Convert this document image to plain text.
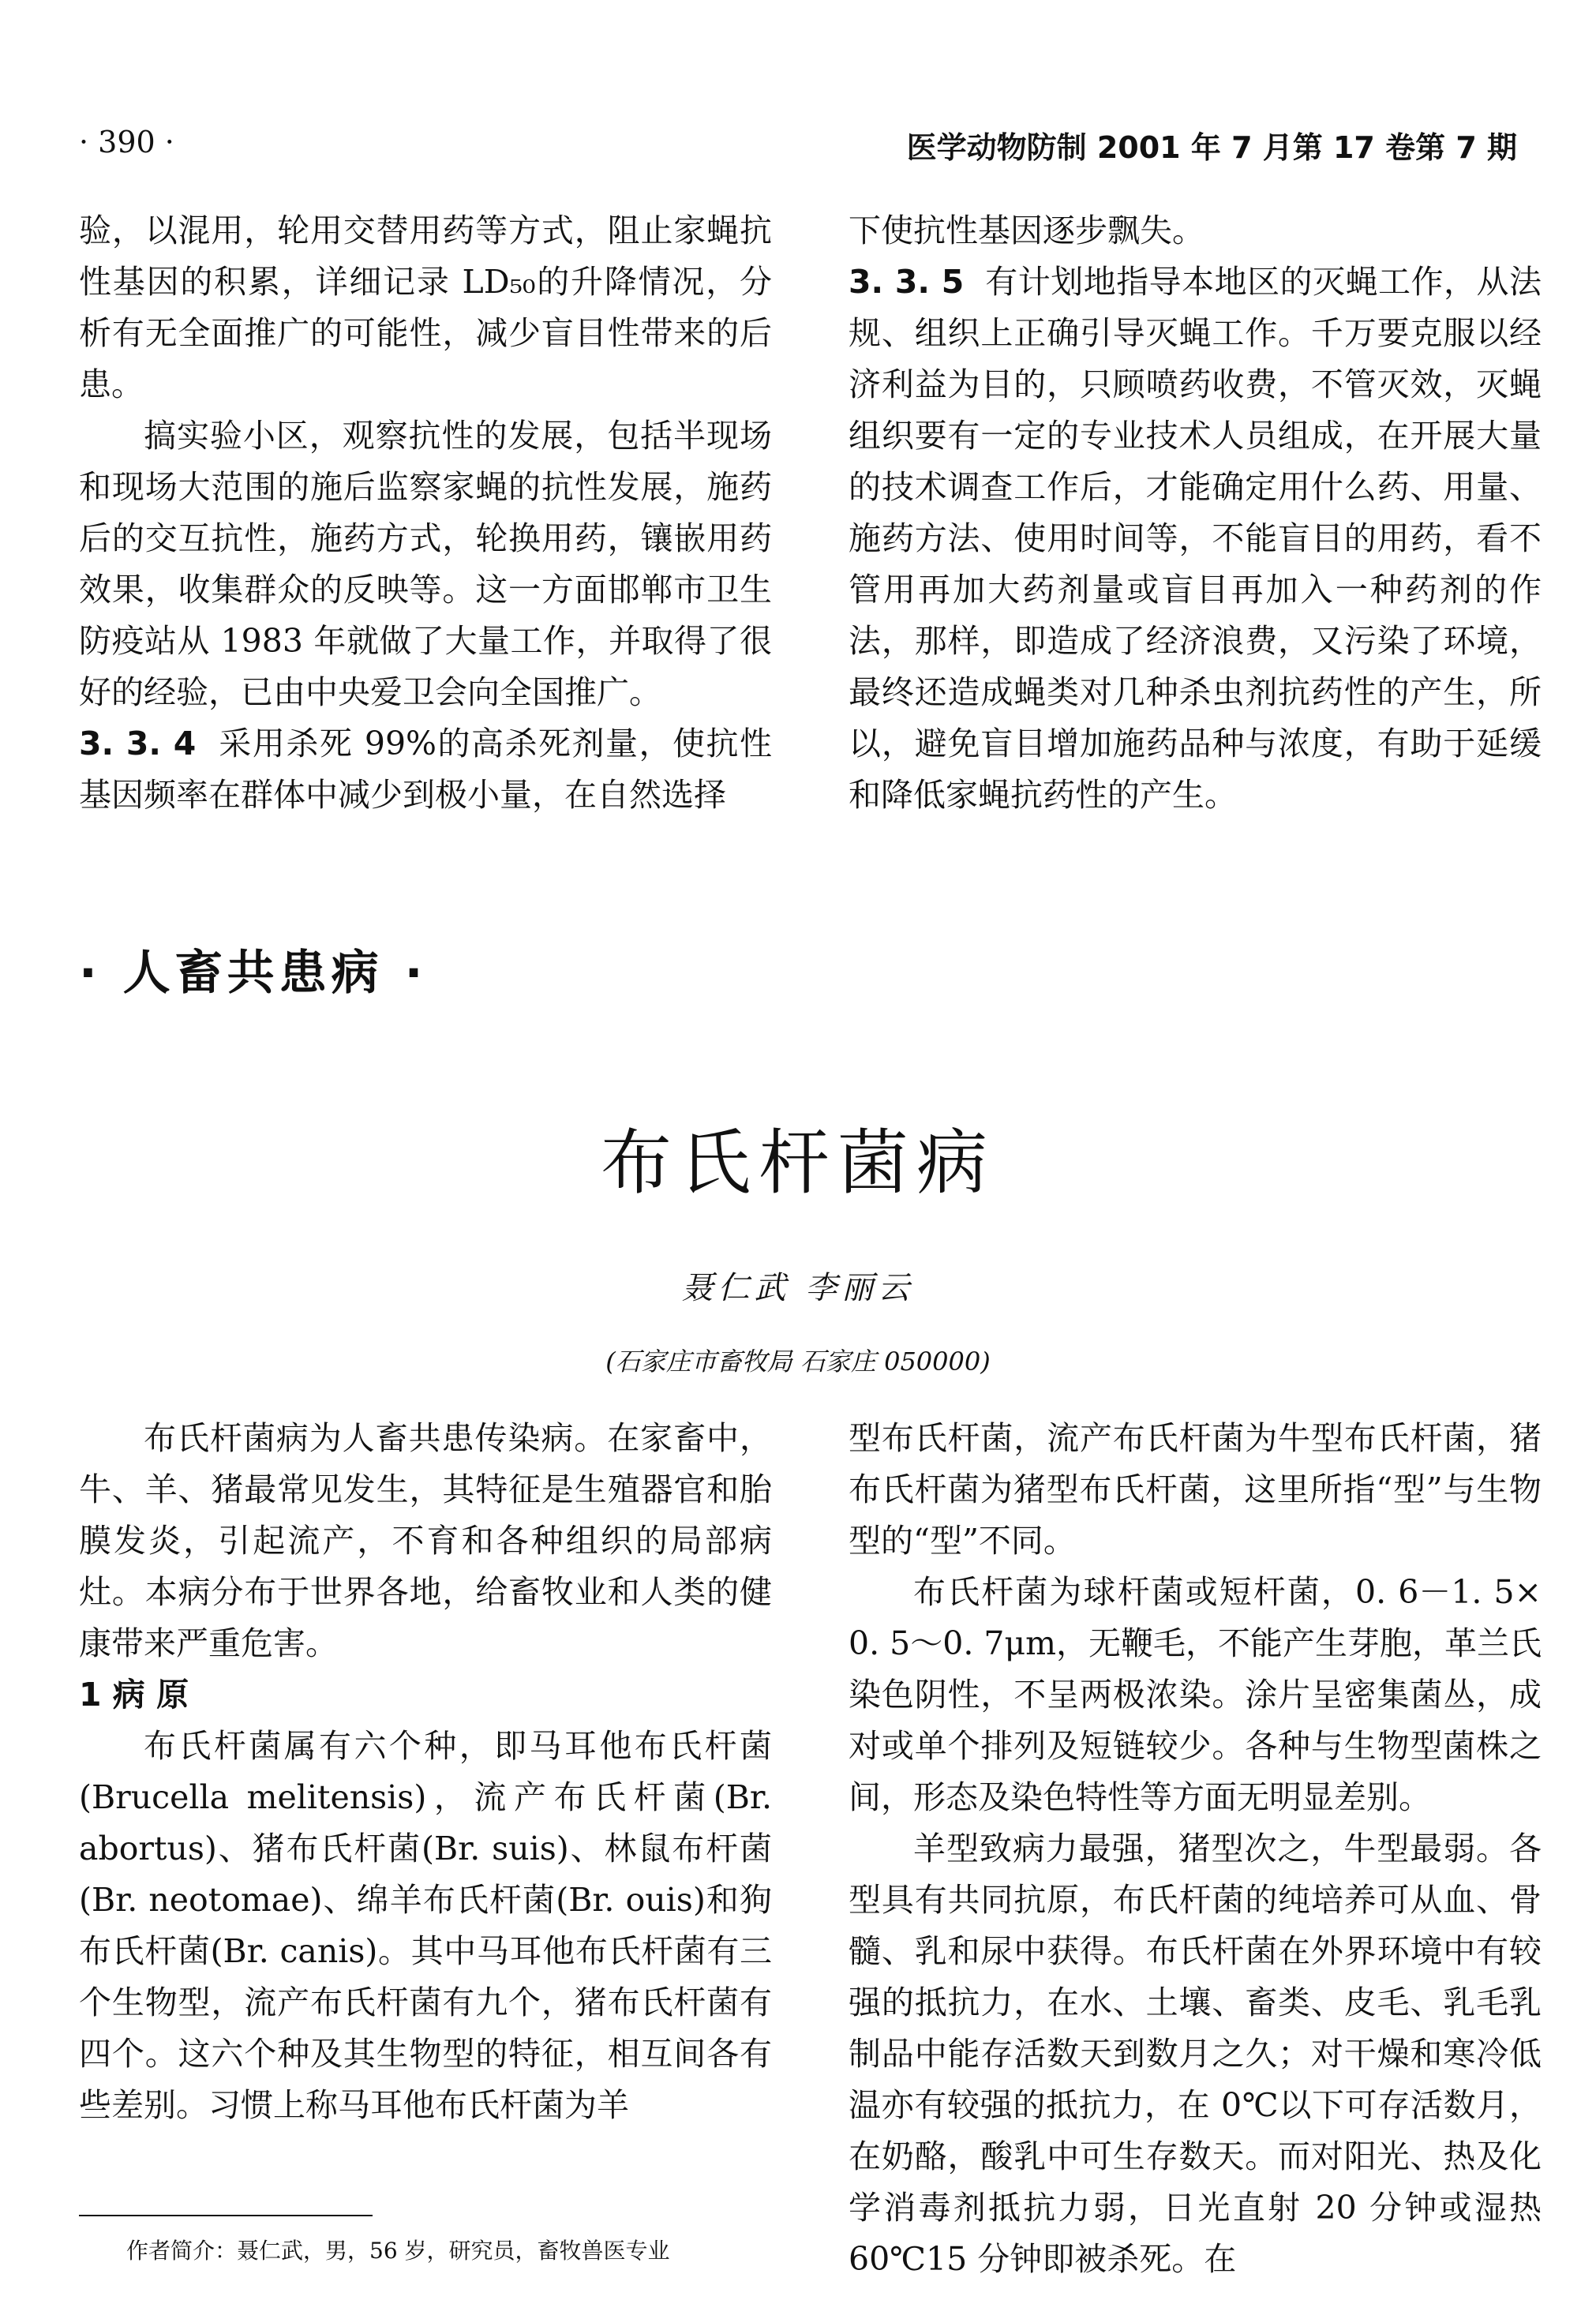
· 390 ·	医学动物防制 2001 年 7 月第 17 卷第 7 期

验，以混用，轮用交替用药等方式，阻止家蝇抗性基因的积累，详细记录 LD₅₀的升降情况，分析有无全面推广的可能性，减少盲目性带来的后患。

搞实验小区，观察抗性的发展，包括半现场和现场大范围的施后监察家蝇的抗性发展，施药后的交互抗性，施药方式，轮换用药，镶嵌用药效果，收集群众的反映等。这一方面邯郸市卫生防疫站从 1983 年就做了大量工作，并取得了很好的经验，已由中央爱卫会向全国推广。

3. 3. 4 采用杀死 99%的高杀死剂量，使抗性基因频率在群体中减少到极小量，在自然选择

下使抗性基因逐步飘失。

3. 3. 5 有计划地指导本地区的灭蝇工作，从法规、组织上正确引导灭蝇工作。千万要克服以经济利益为目的，只顾喷药收费，不管灭效，灭蝇组织要有一定的专业技术人员组成，在开展大量的技术调查工作后，才能确定用什么药、用量、施药方法、使用时间等，不能盲目的用药，看不管用再加大药剂量或盲目再加入一种药剂的作法，那样，即造成了经济浪费，又污染了环境，最终还造成蝇类对几种杀虫剂抗药性的产生，所以，避免盲目增加施药品种与浓度，有助于延缓和降低家蝇抗药性的产生。

· 人畜共患病 ·
布氏杆菌病
聂仁武 李丽云
(石家庄市畜牧局 石家庄 050000)

布氏杆菌病为人畜共患传染病。在家畜中，牛、羊、猪最常见发生，其特征是生殖器官和胎膜发炎，引起流产，不育和各种组织的局部病灶。本病分布于世界各地，给畜牧业和人类的健康带来严重危害。

1 病 原

布氏杆菌属有六个种，即马耳他布氏杆菌(Brucella melitensis)，流产布氏杆菌(Br. abortus)、猪布氏杆菌(Br. suis)、林鼠布杆菌(Br. neotomae)、绵羊布氏杆菌(Br. ouis)和狗布氏杆菌(Br. canis)。其中马耳他布氏杆菌有三个生物型，流产布氏杆菌有九个，猪布氏杆菌有四个。这六个种及其生物型的特征，相互间各有些差别。习惯上称马耳他布氏杆菌为羊

型布氏杆菌，流产布氏杆菌为牛型布氏杆菌，猪布氏杆菌为猪型布氏杆菌，这里所指“型”与生物型的“型”不同。

布氏杆菌为球杆菌或短杆菌，0. 6－1. 5× 0. 5～0. 7μm，无鞭毛，不能产生芽胞，革兰氏染色阴性，不呈两极浓染。涂片呈密集菌丛，成对或单个排列及短链较少。各种与生物型菌株之间，形态及染色特性等方面无明显差别。

羊型致病力最强，猪型次之，牛型最弱。各型具有共同抗原，布氏杆菌的纯培养可从血、骨髓、乳和尿中获得。布氏杆菌在外界环境中有较强的抵抗力，在水、土壤、畜类、皮毛、乳毛乳制品中能存活数天到数月之久；对干燥和寒冷低温亦有较强的抵抗力，在 0℃以下可存活数月，在奶酪，酸乳中可生存数天。而对阳光、热及化学消毒剂抵抗力弱，日光直射 20 分钟或湿热 60℃15 分钟即被杀死。在

作者简介：聂仁武，男，56 岁，研究员，畜牧兽医专业
